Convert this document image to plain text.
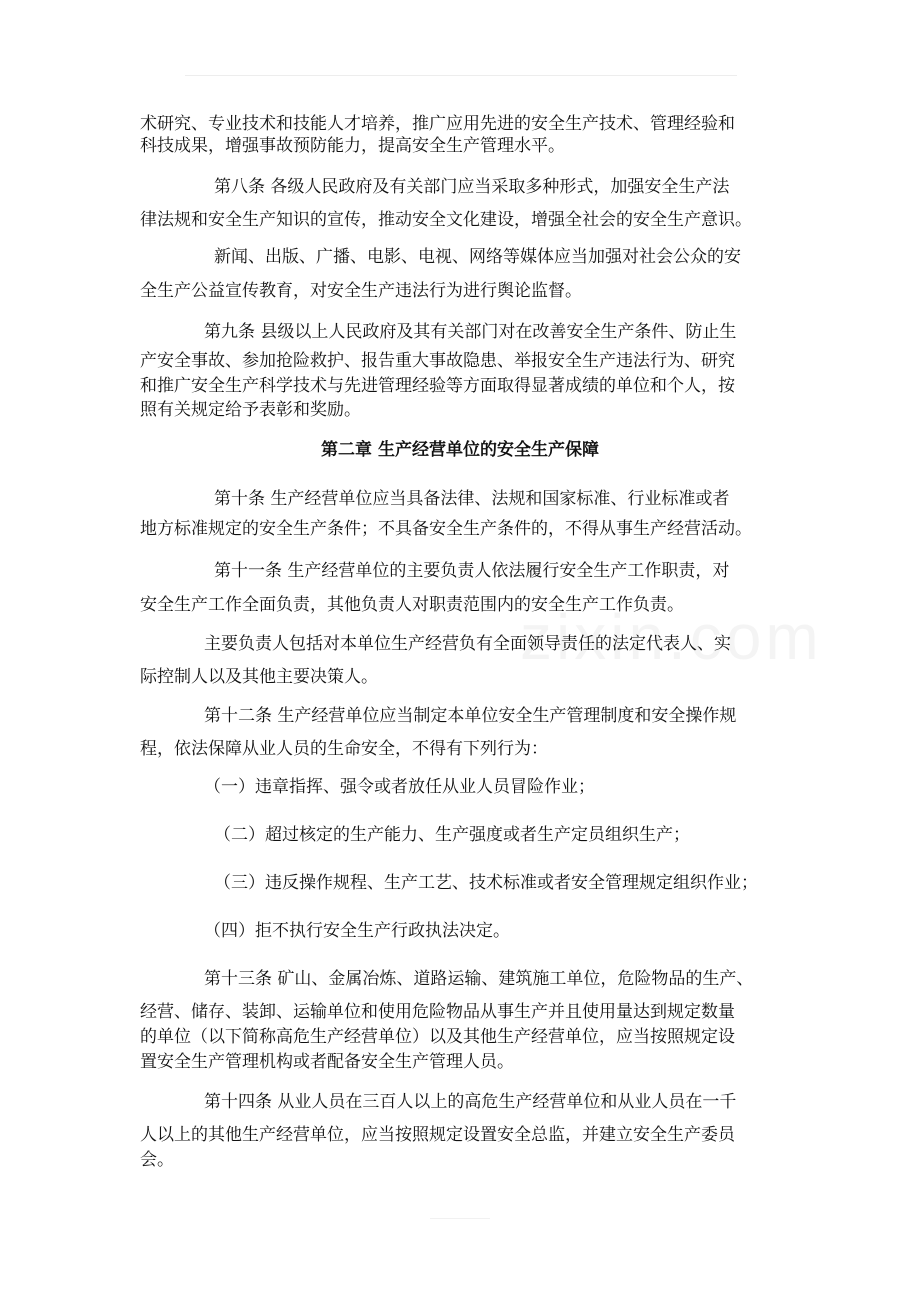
术研究、专业技术和技能人才培养，推广应用先进的安全生产技术、管理经验和
科技成果，增强事故预防能力，提高安全生产管理水平。
第八条 各级人民政府及有关部门应当采取多种形式，加强安全生产法
律法规和安全生产知识的宣传，推动安全文化建设，增强全社会的安全生产意识。
新闻、出版、广播、电影、电视、网络等媒体应当加强对社会公众的安
全生产公益宣传教育，对安全生产违法行为进行舆论监督。
第九条 县级以上人民政府及其有关部门对在改善安全生产条件、防止生
产安全事故、参加抢险救护、报告重大事故隐患、举报安全生产违法行为、研究
和推广安全生产科学技术与先进管理经验等方面取得显著成绩的单位和个人，按
照有关规定给予表彰和奖励。
第二章 生产经营单位的安全生产保障
第十条 生产经营单位应当具备法律、法规和国家标准、行业标准或者
地方标准规定的安全生产条件；不具备安全生产条件的，不得从事生产经营活动。
第十一条 生产经营单位的主要负责人依法履行安全生产工作职责，对
安全生产工作全面负责，其他负责人对职责范围内的安全生产工作负责。
主要负责人包括对本单位生产经营负有全面领导责任的法定代表人、实
际控制人以及其他主要决策人。
第十二条 生产经营单位应当制定本单位安全生产管理制度和安全操作规
程，依法保障从业人员的生命安全，不得有下列行为：
（一）违章指挥、强令或者放任从业人员冒险作业；
（二）超过核定的生产能力、生产强度或者生产定员组织生产；
（三）违反操作规程、生产工艺、技术标准或者安全管理规定组织作业；
（四）拒不执行安全生产行政执法决定。
第十三条 矿山、金属冶炼、道路运输、建筑施工单位，危险物品的生产、
经营、储存、装卸、运输单位和使用危险物品从事生产并且使用量达到规定数量
的单位（以下简称高危生产经营单位）以及其他生产经营单位，应当按照规定设
置安全生产管理机构或者配备安全生产管理人员。
第十四条 从业人员在三百人以上的高危生产经营单位和从业人员在一千
人以上的其他生产经营单位，应当按照规定设置安全总监，并建立安全生产委员
会。
